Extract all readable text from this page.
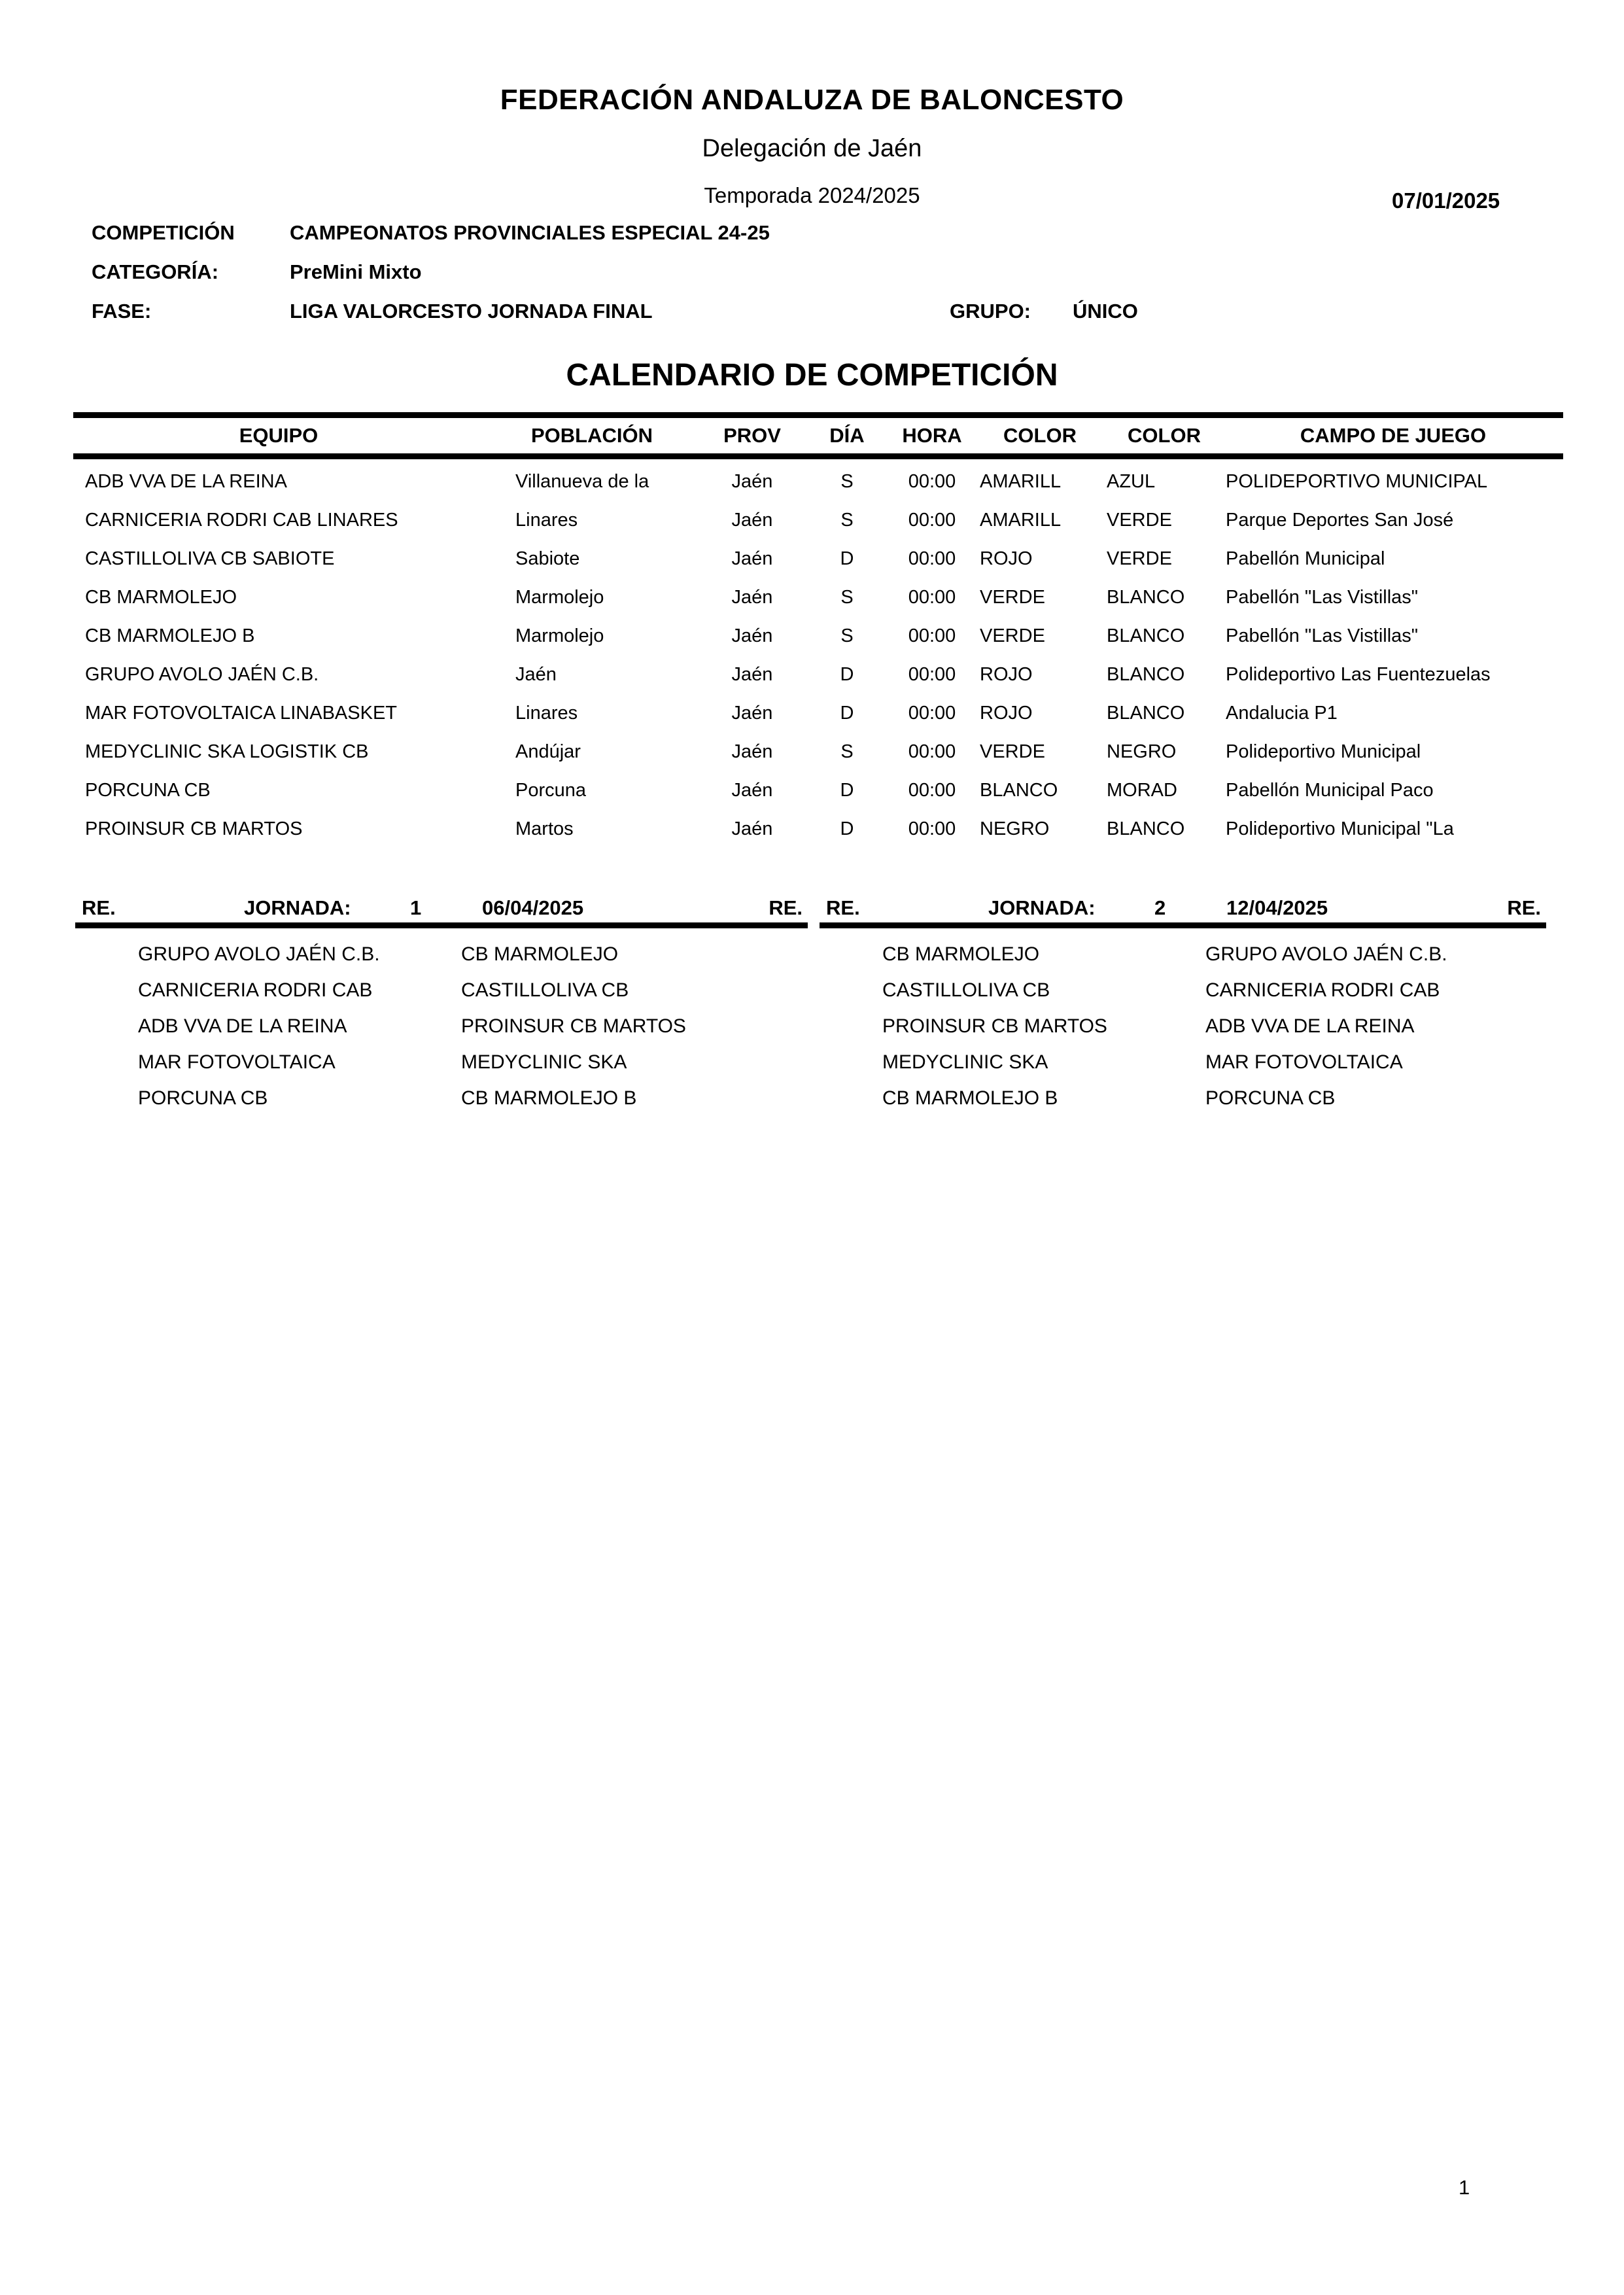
FEDERACIÓN ANDALUZA DE BALONCESTO
Delegación de Jaén
Temporada 2024/2025	07/01/2025
COMPETICIÓN	CAMPEONATOS PROVINCIALES ESPECIAL 24-25
CATEGORÍA:	PreMini Mixto
FASE:	LIGA VALORCESTO JORNADA FINAL	GRUPO: ÚNICO
CALENDARIO DE COMPETICIÓN
EQUIPO	POBLACIÓN	PROV	DÍA	HORA	COLOR	COLOR	CAMPO DE JUEGO
ADB VVA DE LA REINA	Villanueva de la	Jaén	S	00:00	AMARILL	AZUL	POLIDEPORTIVO MUNICIPAL
CARNICERIA RODRI CAB LINARES	Linares	Jaén	S	00:00	AMARILL	VERDE	Parque Deportes San José
CASTILLOLIVA CB SABIOTE	Sabiote	Jaén	D	00:00	ROJO	VERDE	Pabellón Municipal
CB MARMOLEJO	Marmolejo	Jaén	S	00:00	VERDE	BLANCO	Pabellón "Las Vistillas"
CB MARMOLEJO B	Marmolejo	Jaén	S	00:00	VERDE	BLANCO	Pabellón "Las Vistillas"
GRUPO AVOLO JAÉN C.B.	Jaén	Jaén	D	00:00	ROJO	BLANCO	Polideportivo Las Fuentezuelas
MAR FOTOVOLTAICA LINABASKET	Linares	Jaén	D	00:00	ROJO	BLANCO	Andalucia P1
MEDYCLINIC SKA LOGISTIK CB	Andújar	Jaén	S	00:00	VERDE	NEGRO	Polideportivo Municipal
PORCUNA CB	Porcuna	Jaén	D	00:00	BLANCO	MORAD	Pabellón Municipal Paco
PROINSUR CB MARTOS	Martos	Jaén	D	00:00	NEGRO	BLANCO	Polideportivo Municipal "La
RE.	JORNADA:	1	06/04/2025	RE.
GRUPO AVOLO JAÉN C.B.	CB MARMOLEJO
CARNICERIA RODRI CAB	CASTILLOLIVA CB
ADB VVA DE LA REINA	PROINSUR CB MARTOS
MAR FOTOVOLTAICA	MEDYCLINIC SKA
PORCUNA CB	CB MARMOLEJO B
RE.	JORNADA:	2	12/04/2025	RE.
CB MARMOLEJO	GRUPO AVOLO JAÉN C.B.
CASTILLOLIVA CB	CARNICERIA RODRI CAB
PROINSUR CB MARTOS	ADB VVA DE LA REINA
MEDYCLINIC SKA	MAR FOTOVOLTAICA
CB MARMOLEJO B	PORCUNA CB
1
